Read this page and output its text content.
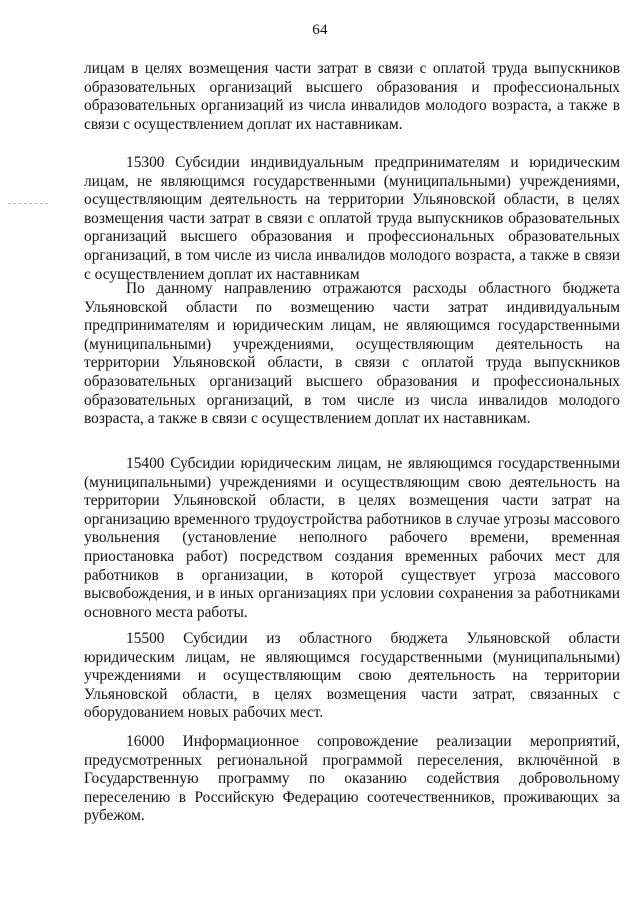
64

лицам в целях возмещения части затрат в связи с оплатой труда выпускников образовательных организаций высшего образования и профессиональных образовательных организаций из числа инвалидов молодого возраста, а также в связи с осуществлением доплат их наставникам.

15300 Субсидии индивидуальным предпринимателям и юридическим лицам, не являющимся государственными (муниципальными) учреждениями, осуществляющим деятельность на территории Ульяновской области, в целях возмещения части затрат в связи с оплатой труда выпускников образовательных организаций высшего образования и профессиональных образовательных организаций, в том числе из числа инвалидов молодого возраста, а также в связи с осуществлением доплат их наставникам

По данному направлению отражаются расходы областного бюджета Ульяновской области по возмещению части затрат индивидуальным предпринимателям и юридическим лицам, не являющимся государственными (муниципальными) учреждениями, осуществляющим деятельность на территории Ульяновской области, в связи с оплатой труда выпускников образовательных организаций высшего образования и профессиональных образовательных организаций, в том числе из числа инвалидов молодого возраста, а также в связи с осуществлением доплат их наставникам.

15400 Субсидии юридическим лицам, не являющимся государственными (муниципальными) учреждениями и осуществляющим свою деятельность на территории Ульяновской области, в целях возмещения части затрат на организацию временного трудоустройства работников в случае угрозы массового увольнения (установление неполного рабочего времени, временная приостановка работ) посредством создания временных рабочих мест для работников в организации, в которой существует угроза массового высвобождения, и в иных организациях при условии сохранения за работниками основного места работы.

15500 Субсидии из областного бюджета Ульяновской области юридическим лицам, не являющимся государственными (муниципальными) учреждениями и осуществляющим свою деятельность на территории Ульяновской области, в целях возмещения части затрат, связанных с оборудованием новых рабочих мест.

16000 Информационное сопровождение реализации мероприятий, предусмотренных региональной программой переселения, включённой в Государственную программу по оказанию содействия добровольному переселению в Российскую Федерацию соотечественников, проживающих за рубежом.
